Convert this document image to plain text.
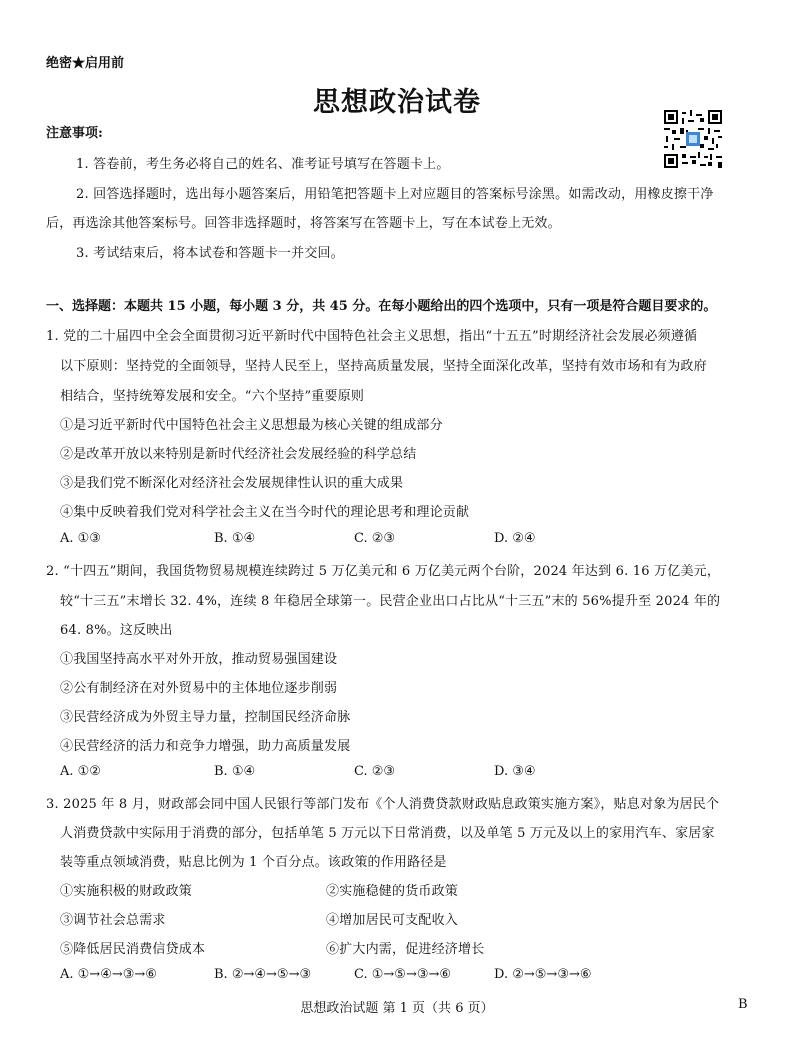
绝密★启用前
思想政治试卷
注意事项:
1. 答卷前，考生务必将自己的姓名、准考证号填写在答题卡上。
2. 回答选择题时，选出每小题答案后，用铅笔把答题卡上对应题目的答案标号涂黑。如需改动，用橡皮擦干净
后，再选涂其他答案标号。回答非选择题时，将答案写在答题卡上，写在本试卷上无效。
3. 考试结束后，将本试卷和答题卡一并交回。
一、选择题：本题共 15 小题，每小题 3 分，共 45 分。在每小题给出的四个选项中，只有一项是符合题目要求的。
1. 党的二十届四中全会全面贯彻习近平新时代中国特色社会主义思想，指出“十五五”时期经济社会发展必须遵循
以下原则：坚持党的全面领导，坚持人民至上，坚持高质量发展，坚持全面深化改革，坚持有效市场和有为政府
相结合，坚持统筹发展和安全。“六个坚持”重要原则
①是习近平新时代中国特色社会主义思想最为核心关键的组成部分
②是改革开放以来特别是新时代经济社会发展经验的科学总结
③是我们党不断深化对经济社会发展规律性认识的重大成果
④集中反映着我们党对科学社会主义在当今时代的理论思考和理论贡献
A. ①③	B. ①④	C. ②③	D. ②④
2. “十四五”期间，我国货物贸易规模连续跨过 5 万亿美元和 6 万亿美元两个台阶，2024 年达到 6. 16 万亿美元，
较“十三五”末增长 32. 4%，连续 8 年稳居全球第一。民营企业出口占比从“十三五”末的 56%提升至 2024 年的
64. 8%。这反映出
①我国坚持高水平对外开放，推动贸易强国建设
②公有制经济在对外贸易中的主体地位逐步削弱
③民营经济成为外贸主导力量，控制国民经济命脉
④民营经济的活力和竞争力增强，助力高质量发展
A. ①②	B. ①④	C. ②③	D. ③④
3. 2025 年 8 月，财政部会同中国人民银行等部门发布《个人消费贷款财政贴息政策实施方案》，贴息对象为居民个
人消费贷款中实际用于消费的部分，包括单笔 5 万元以下日常消费，以及单笔 5 万元及以上的家用汽车、家居家
装等重点领域消费，贴息比例为 1 个百分点。该政策的作用路径是
①实施积极的财政政策	②实施稳健的货币政策
③调节社会总需求	④增加居民可支配收入
⑤降低居民消费信贷成本	⑥扩大内需，促进经济增长
A. ①→④→③→⑥	B. ②→④→⑤→③	C. ①→⑤→③→⑥	D. ②→⑤→③→⑥
思想政治试题 第 1 页（共 6 页）	B
